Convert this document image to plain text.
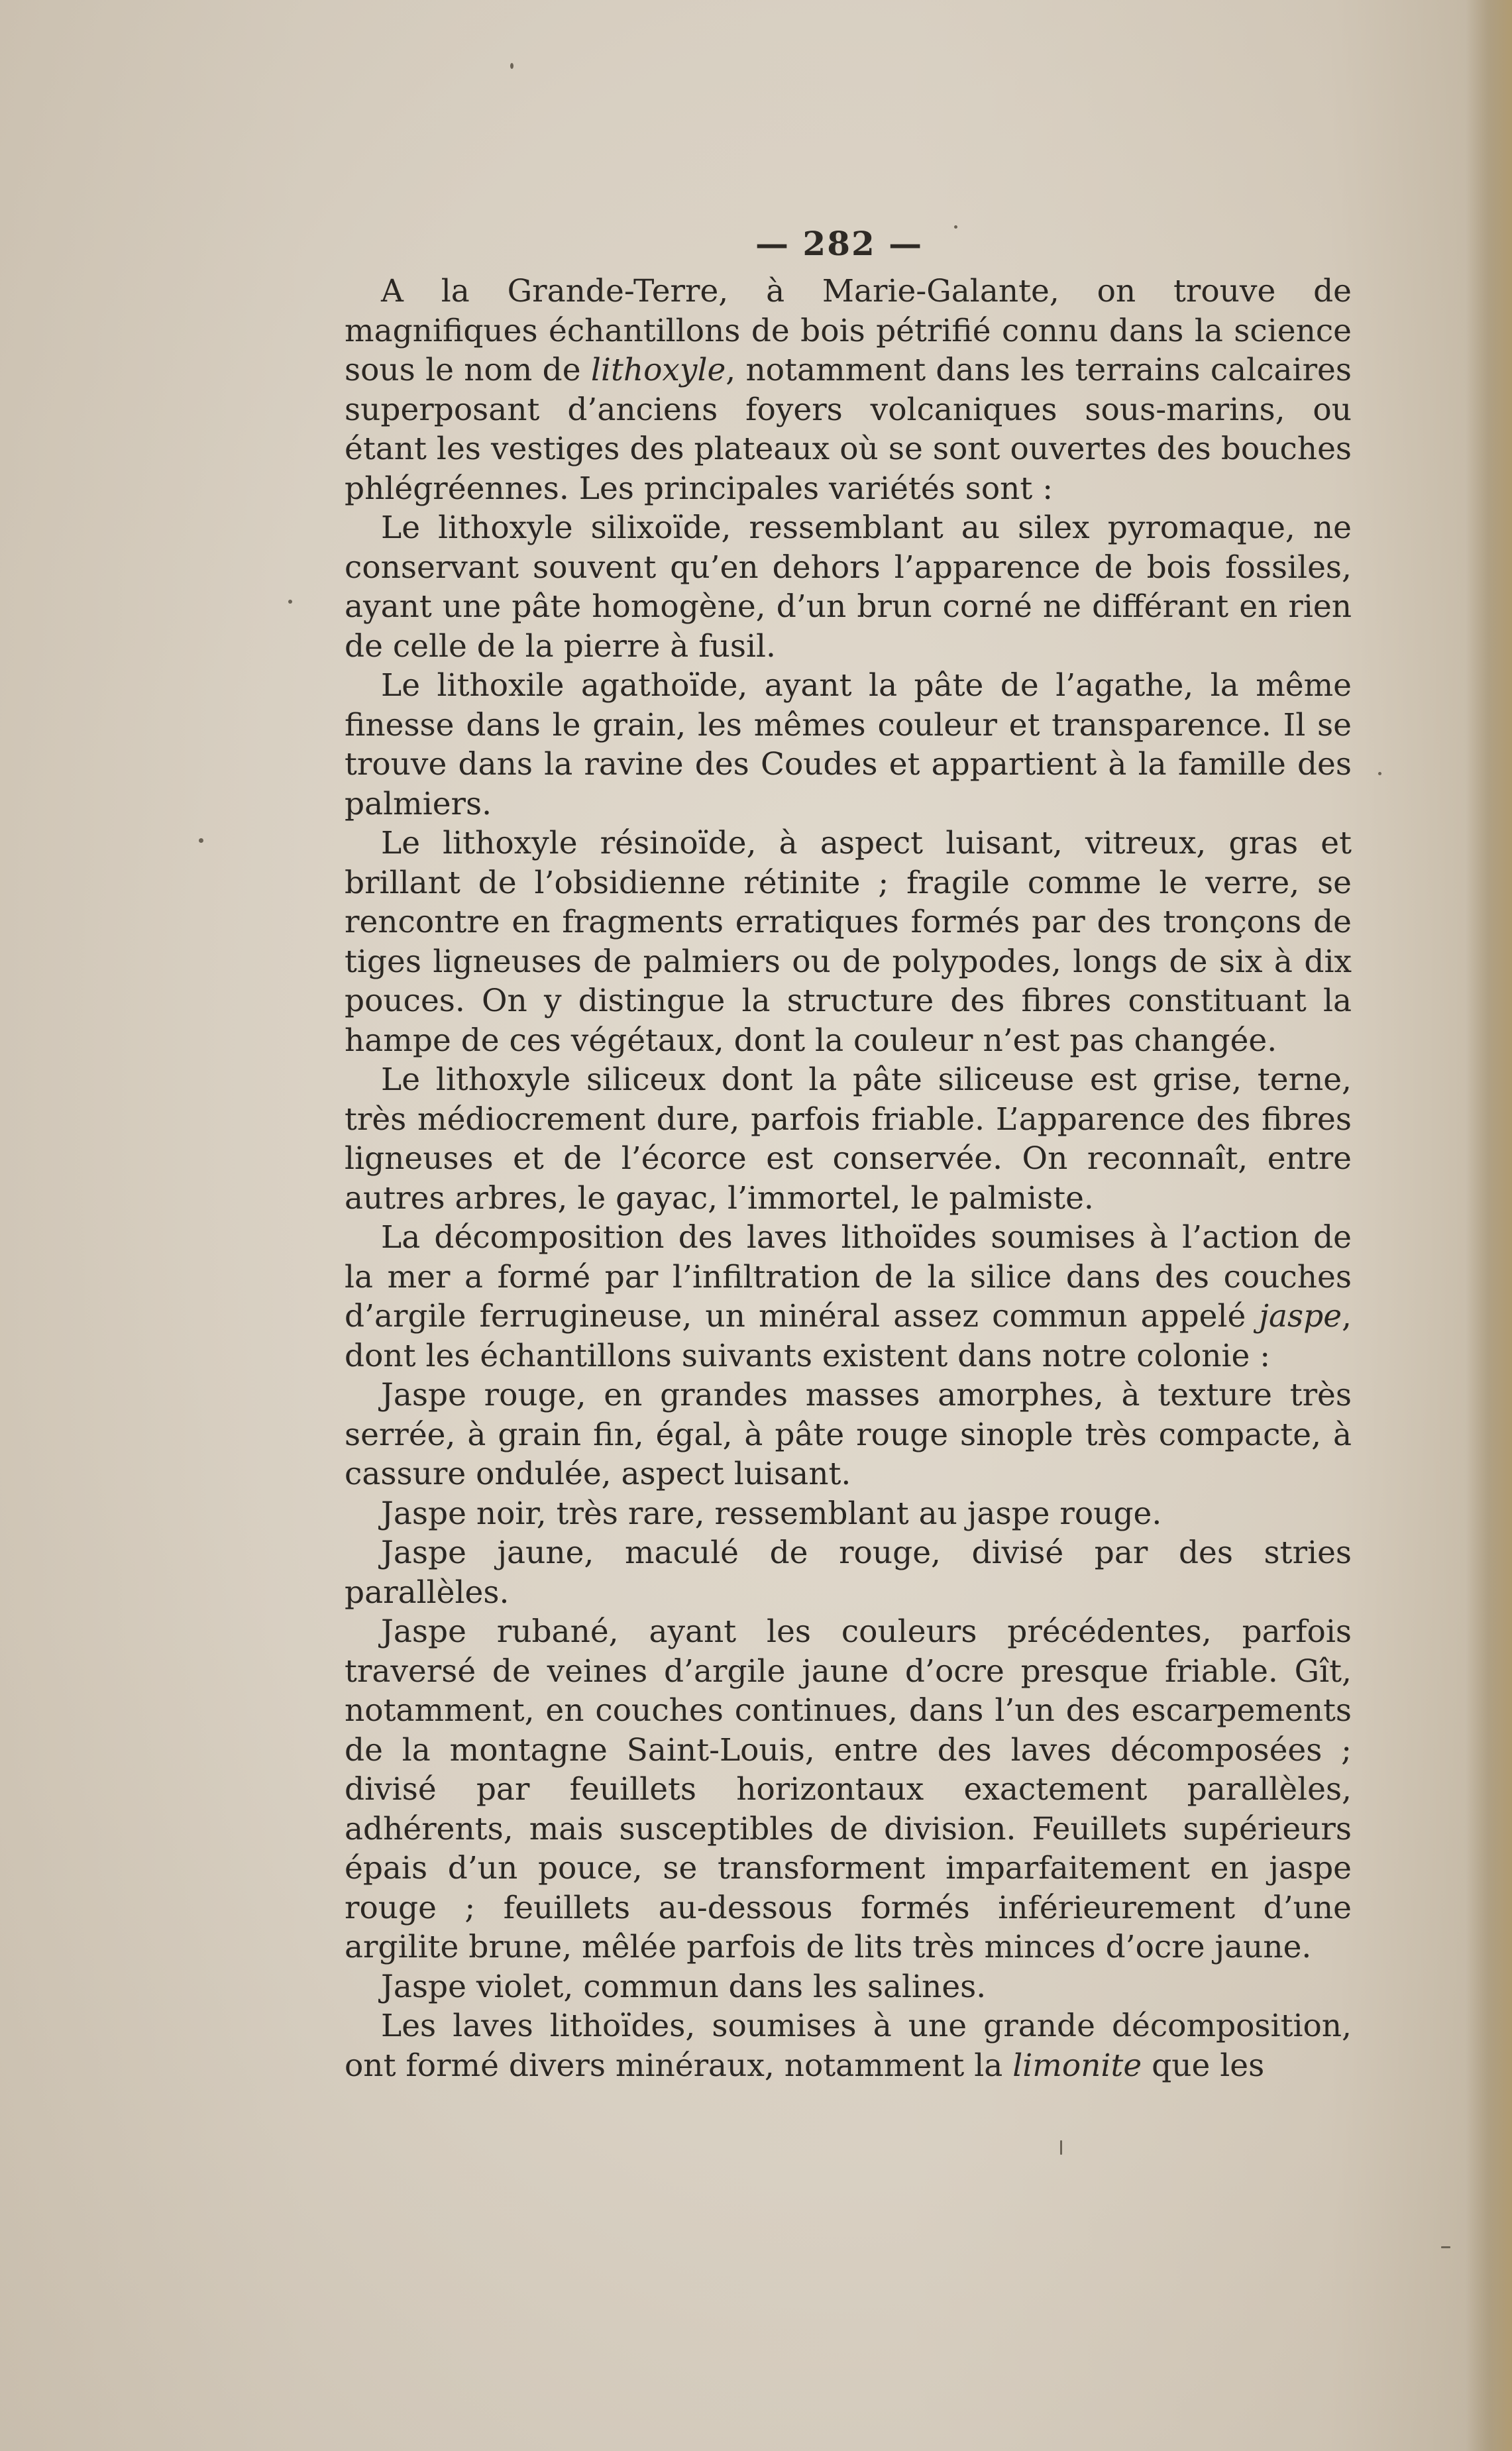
— 282 —

A la Grande-Terre, à Marie-Galante, on trouve de magnifiques échantillons de bois pétrifié connu dans la science sous le nom de lithoxyle, notamment dans les terrains calcaires superposant d’anciens foyers volcaniques sous-marins, ou étant les vestiges des plateaux où se sont ouvertes des bouches phlégréennes. Les principales variétés sont :

Le lithoxyle silixoïde, ressemblant au silex pyromaque, ne conservant souvent qu’en dehors l’apparence de bois fossiles, ayant une pâte homogène, d’un brun corné ne différant en rien de celle de la pierre à fusil.

Le lithoxile agathoïde, ayant la pâte de l’agathe, la même finesse dans le grain, les mêmes couleur et transparence. Il se trouve dans la ravine des Coudes et appartient à la famille des palmiers.

Le lithoxyle résinoïde, à aspect luisant, vitreux, gras et brillant de l’obsidienne rétinite ; fragile comme le verre, se rencontre en fragments erratiques formés par des tronçons de tiges ligneuses de palmiers ou de polypodes, longs de six à dix pouces. On y distingue la structure des fibres constituant la hampe de ces végétaux, dont la couleur n’est pas changée.

Le lithoxyle siliceux dont la pâte siliceuse est grise, terne, très médiocrement dure, parfois friable. L’apparence des fibres ligneuses et de l’écorce est conservée. On reconnaît, entre autres arbres, le gayac, l’immortel, le palmiste.

La décomposition des laves lithoïdes soumises à l’action de la mer a formé par l’infiltration de la silice dans des couches d’argile ferrugineuse, un minéral assez commun appelé jaspe, dont les échantillons suivants existent dans notre colonie :

Jaspe rouge, en grandes masses amorphes, à texture très serrée, à grain fin, égal, à pâte rouge sinople très compacte, à cassure ondulée, aspect luisant.

Jaspe noir, très rare, ressemblant au jaspe rouge.

Jaspe jaune, maculé de rouge, divisé par des stries parallèles.

Jaspe rubané, ayant les couleurs précédentes, parfois traversé de veines d’argile jaune d’ocre presque friable. Gît, notamment, en couches continues, dans l’un des escarpements de la montagne Saint-Louis, entre des laves décomposées ; divisé par feuillets horizontaux exactement parallèles, adhérents, mais susceptibles de division. Feuillets supérieurs épais d’un pouce, se transforment imparfaitement en jaspe rouge ; feuillets au-dessous formés inférieurement d’une argilite brune, mêlée parfois de lits très minces d’ocre jaune.

Jaspe violet, commun dans les salines.

Les laves lithoïdes, soumises à une grande décomposition, ont formé divers minéraux, notamment la limonite que les
